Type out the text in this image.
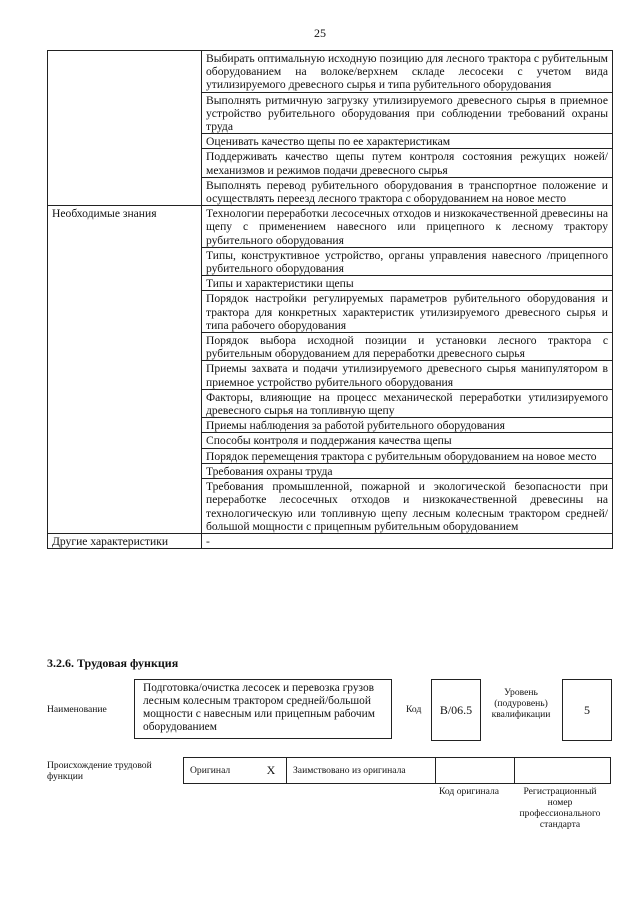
25
	Выбирать оптимальную исходную позицию для лесного трактора с рубительным оборудованием на волоке/верхнем складе лесосеки с учетом вида утилизируемого древесного сырья и типа рубительного оборудования
	Выполнять ритмичную загрузку утилизируемого древесного сырья в приемное устройство рубительного оборудования при соблюдении требований охраны труда
	Оценивать качество щепы по ее характеристикам
	Поддерживать качество щепы путем контроля состояния режущих ножей/механизмов и режимов подачи древесного сырья
	Выполнять перевод рубительного оборудования в транспортное положение и осуществлять переезд лесного трактора с оборудованием на новое место
Необходимые знания	Технологии переработки лесосечных отходов и низкокачественной древесины на щепу с применением навесного или прицепного к лесному трактору рубительного оборудования
	Типы, конструктивное устройство, органы управления навесного /прицепного рубительного оборудования
	Типы и характеристики щепы
	Порядок настройки регулируемых параметров рубительного оборудования и трактора для конкретных характеристик утилизируемого древесного сырья и типа рабочего оборудования
	Порядок выбора исходной позиции и установки лесного трактора с рубительным оборудованием для переработки древесного сырья
	Приемы захвата и подачи утилизируемого древесного сырья манипулятором в приемное устройство рубительного оборудования
	Факторы, влияющие на процесс механической переработки утилизируемого древесного сырья на топливную щепу
	Приемы наблюдения за работой рубительного оборудования
	Способы контроля и поддержания качества щепы
	Порядок перемещения трактора с рубительным оборудованием на новое место
	Требования охраны труда
	Требования промышленной, пожарной и экологической безопасности при переработке лесосечных отходов и низкокачественной древесины на технологическую или топливную щепу лесным колесным трактором средней/большой мощности с прицепным рубительным оборудованием
Другие характеристики	-
3.2.6. Трудовая функция
Наименование
Подготовка/очистка лесосек и перевозка грузов лесным колесным трактором средней/большой мощности с навесным или прицепным рабочим оборудованием
Код	B/06.5
Уровень (подуровень) квалификации	5
Происхождение трудовой функции
Оригинал	X	Заимствовано из оригинала		
Код оригинала	Регистрационный номер профессионального стандарта
